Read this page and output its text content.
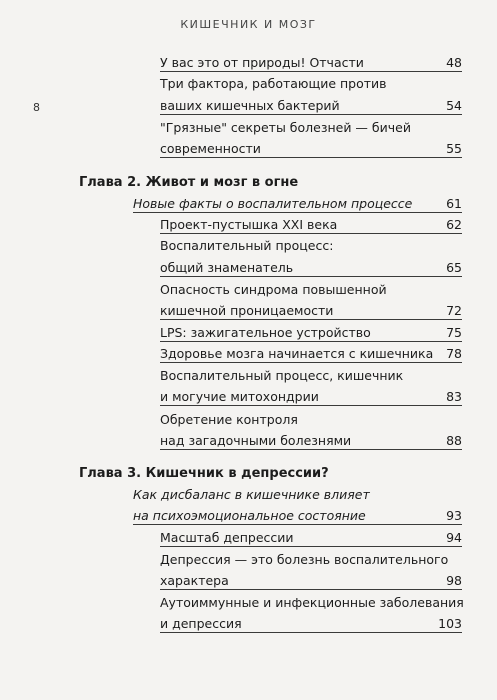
КИШЕЧНИК И МОЗГ
8
У вас это от природы! Отчасти	48
Три фактора, работающие против
ваших кишечных бактерий	54
"Грязные" секреты болезней — бичей
современности	55
Глава 2. Живот и мозг в огне
Новые факты о воспалительном процессе	61
Проект-пустышка XXI века	62
Воспалительный процесс:
общий знаменатель	65
Опасность синдрома повышенной
кишечной проницаемости	72
LPS: зажигательное устройство	75
Здоровье мозга начинается с кишечника	78
Воспалительный процесс, кишечник
и могучие митохондрии	83
Обретение контроля
над загадочными болезнями	88
Глава 3. Кишечник в депрессии?
Как дисбаланс в кишечнике влияет
на психоэмоциональное состояние	93
Масштаб депрессии	94
Депрессия — это болезнь воспалительного
характера	98
Аутоиммунные и инфекционные заболевания
и депрессия	103
